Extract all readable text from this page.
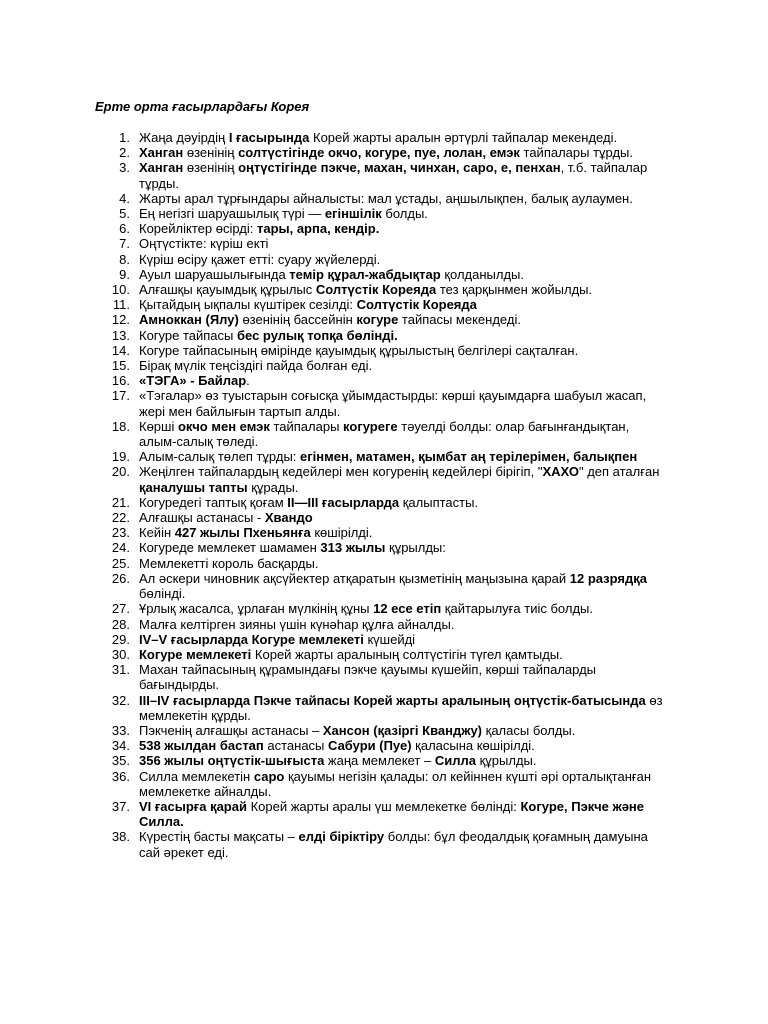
Ерте орта ғасырлардағы Корея
1. Жаңа дәуірдің I ғасырында Корей жарты аралын әртүрлі тайпалар мекендеді.
2. Ханган өзенінің солтүстігінде окчо, когуре, пуе, лолан, емэк тайпалары тұрды.
3. Ханган өзенінің оңтүстігінде пэкче, махан, чинхан, саро, е, пенхан, т.б. тайпалар тұрды.
4. Жарты арал тұрғындары айналысты: мал ұстады, аңшылықпен, балық аулаумен.
5. Ең негізгі шаруашылық түрі — егіншілік болды.
6. Корейліктер өсірді: тары, арпа, кендір.
7. Оңтүстікте: күріш екті
8. Күріш өсіру қажет етті: суару жүйелерді.
9. Ауыл шаруашылығында темір құрал-жабдықтар қолданылды.
10. Алғашқы қауымдық құрылыс Солтүстік Кореяда тез қарқынмен жойылды.
11. Қытайдың ықпалы күштірек сезілді: Солтүстік Кореяда
12. Амноккан (Ялу) өзенінің бассейнін когуре тайпасы мекендеді.
13. Когуре тайпасы бес рулық топқа бөлінді.
14. Когуре тайпасының өмірінде қауымдық құрылыстың белгілері сақталған.
15. Бірақ мүлік теңсіздігі пайда болған еді.
16. «ТЭГА» - Байлар.
17. «Тэгалар» өз туыстарын соғысқа ұйымдастырды: көрші қауымдарға шабуыл жасап, жері мен байлығын тартып алды.
18. Көрші окчо мен емэк тайпалары когуреге тәуелді болды: олар бағынғандықтан, алым-салық төледі.
19. Алым-салық төлеп тұрды: егінмен, матамен, қымбат аң терілерімен, балықпен
20. Жеңілген тайпалардың кедейлері мен когуренің кедейлері бірігіп, "ХАХО" деп аталған қаналушы тапты құрады.
21. Когуредегі таптық қоғам II—III ғасырларда қалыптасты.
22. Алғашқы астанасы - Хвандо
23. Кейін 427 жылы Пхеньянға көшірілді.
24. Когуреде мемлекет шамамен 313 жылы құрылды:
25. Мемлекетті король басқарды.
26. Ал әскери чиновник ақсүйектер атқаратын қызметінің маңызына қарай 12 разрядқа бөлінді.
27. Ұрлық жасалса, ұрлаған мүлкінің құны 12 есе етіп қайтарылуға тиіс болды.
28. Малға келтірген зияны үшін күнәһар құлға айналды.
29. IV–V ғасырларда Когуре мемлекеті күшейді
30. Когуре мемлекеті Корей жарты аралының солтүстігін түгел қамтыды.
31. Махан тайпасының құрамындағы пэкче қауымы күшейіп, көрші тайпаларды бағындырды.
32. III–IV ғасырларда Пэкче тайпасы Корей жарты аралының оңтүстік-батысында өз мемлекетін құрды.
33. Пэкченің алғашқы астанасы – Хансон (қазіргі Кванджу) қаласы болды.
34. 538 жылдан бастап астанасы Сабури (Пуе) қаласына көшірілді.
35. 356 жылы оңтүстік-шығыста жаңа мемлекет – Силла құрылды.
36. Силла мемлекетін саро қауымы негізін қалады: ол кейіннен күшті әрі орталықтанған мемлекетке айналды.
37. VI ғасырға қарай Корей жарты аралы үш мемлекетке бөлінді: Когуре, Пэкче және Силла.
38. Күрестің басты мақсаты – елді біріктіру болды: бұл феодалдық қоғамның дамуына сай әрекет еді.
